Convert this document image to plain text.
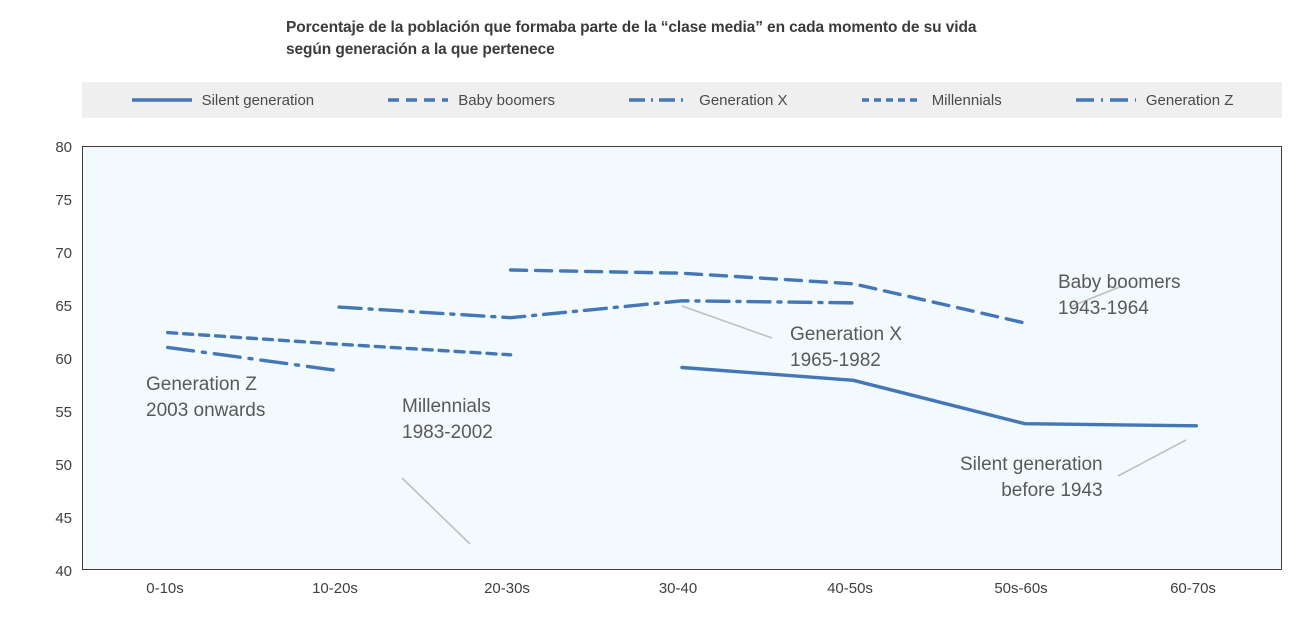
Porcentaje de la población que formaba parte de la “clase media” en cada momento de su vida según generación a la que pertenece
Silent generation	Baby boomers	Generation X	Millennials	Generation Z
80
75
70
65
60
55
50
45
40
0-10s	10-20s	20-30s	30-40	40-50s	50s-60s	60-70s
Generation Z
2003 onwards	Millennials
1983-2002
Generation X
1965-1982
Baby boomers
1943-1964
Silent generation
before 1943
